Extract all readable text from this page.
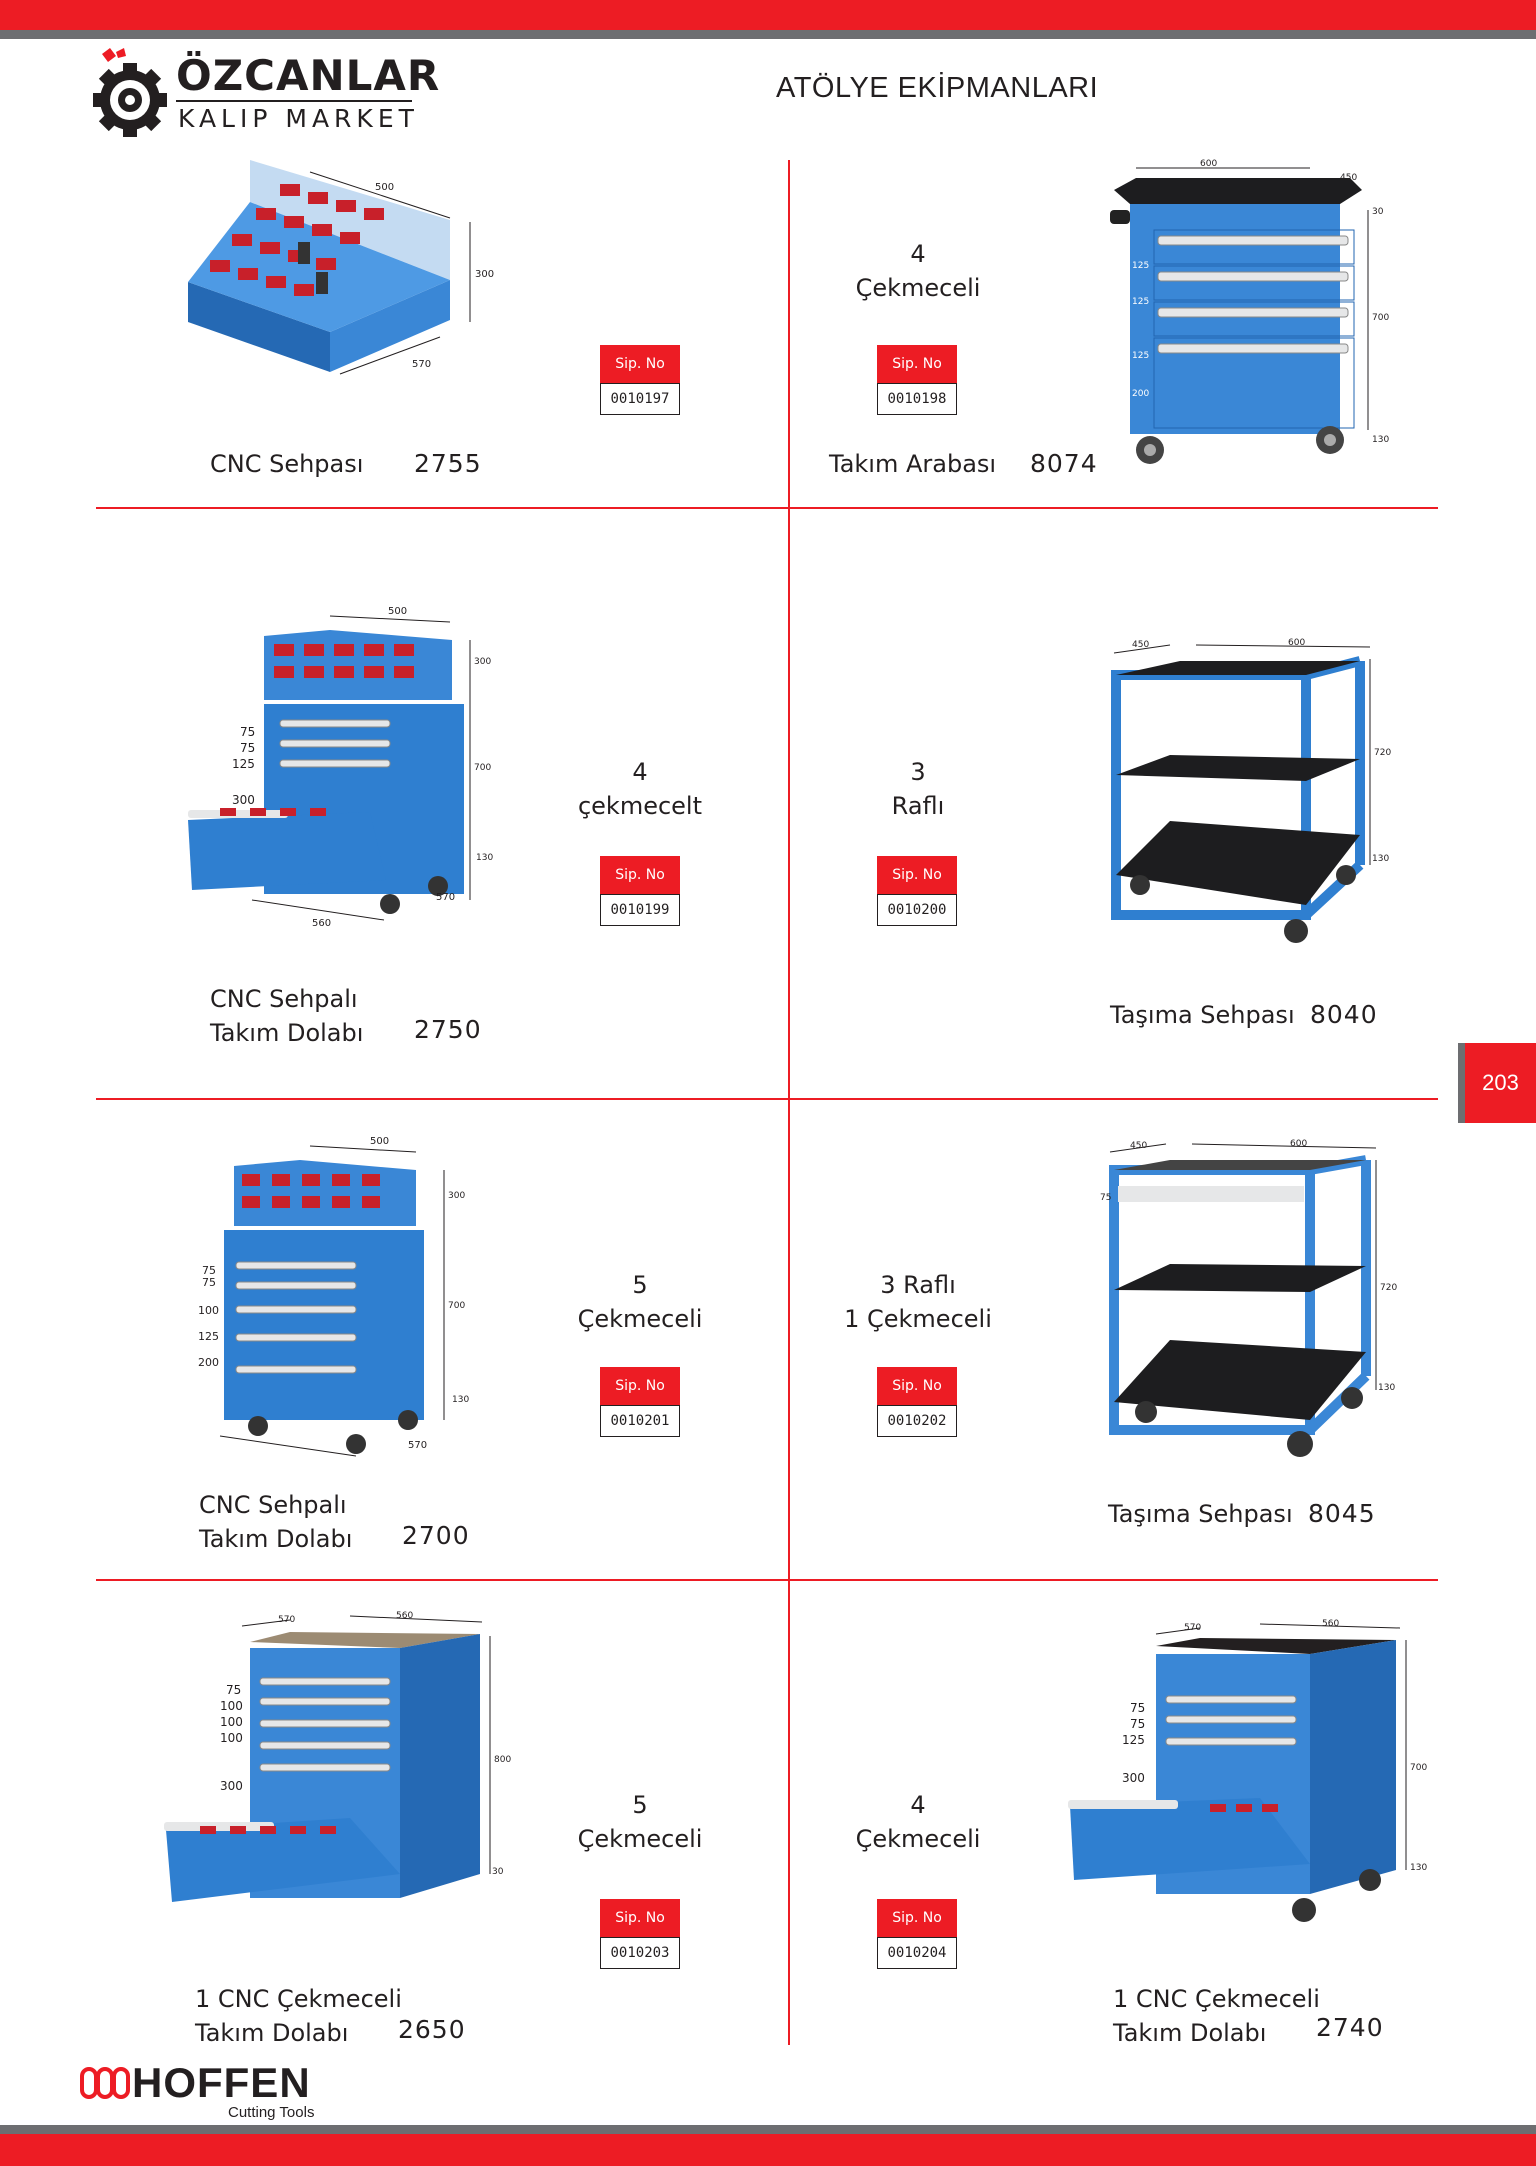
ÖZCANLAR
KALIP MARKET
ATÖLYE EKİPMANLARI
203
500
300
570
CNC Sehpası 2755
Sip. No
0010197
4
Çekmeceli
Sip. No
0010198
600
450
30
125
125
125
200
700
130
Takım Arabası 8074
75
75
125
300
500
300
700
130
570
560
CNC Sehpalı
Takım Dolabı 2750
4
çekmecelt
Sip. No
0010199
3
Raflı
Sip. No
0010200
450	600
720
130
Taşıma Sehpası 8040
75
75
100
125
200
500
300
700
130
570
CNC Sehpalı
Takım Dolabı 2700
5
Çekmeceli
Sip. No
0010201
3 Raflı
1 Çekmeceli
Sip. No
0010202
450	600
75
720
130
Taşıma Sehpası 8045
75
100
100
100
300
570	560
800
30
1 CNC Çekmeceli
Takım Dolabı	2650
5
Çekmeceli
Sip. No
0010203
4
Çekmeceli
Sip. No
0010204
75
75
125
300
570	560
700
130
1 CNC Çekmeceli
Takım Dolabı	2740
HOFFEN
Cutting Tools
